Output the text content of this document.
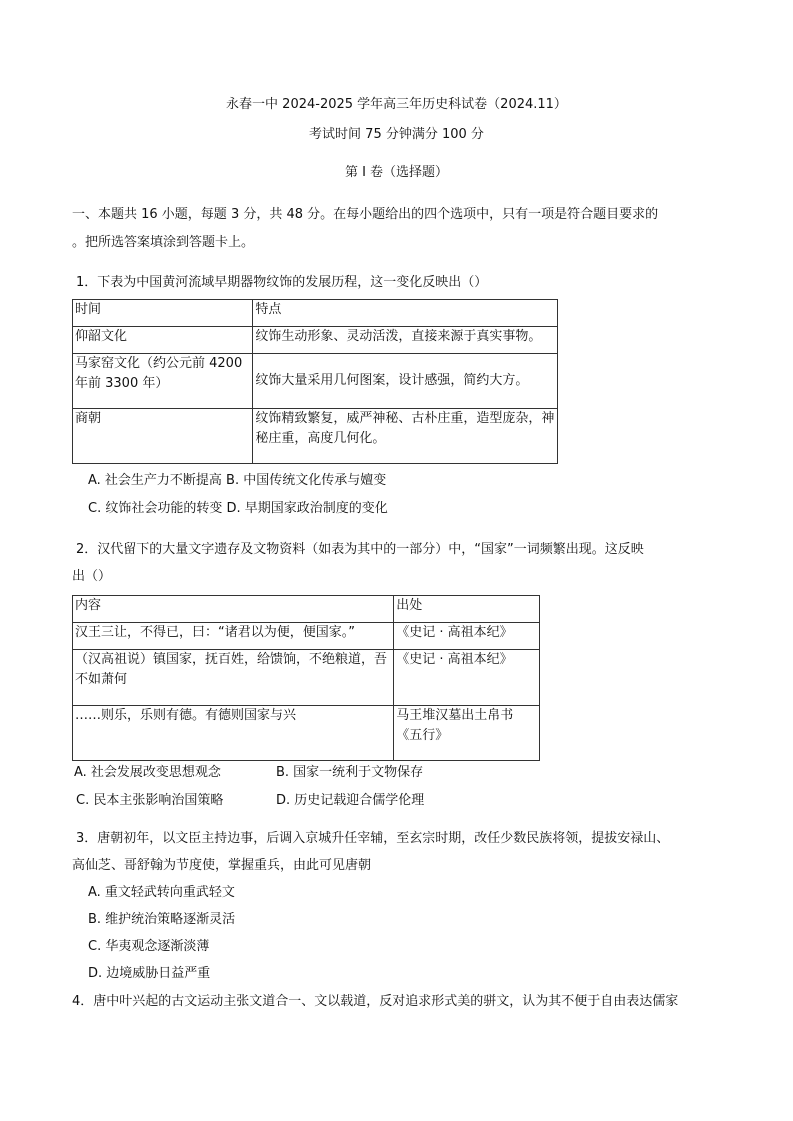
永春一中 2024-2025 学年高三年历史科试卷（2024.11）
考试时间 75 分钟满分 100 分
第 I 卷（选择题）
一、本题共 16 小题，每题 3 分，共 48 分。在每小题给出的四个选项中，只有一项是符合题目要求的
。把所选答案填涂到答题卡上。
1．下表为中国黄河流域早期器物纹饰的发展历程，这一变化反映出（）
时间	特点
仰韶文化	纹饰生动形象、灵动活泼，直接来源于真实事物。
马家窑文化（约公元前 4200 年前 3300 年）	纹饰大量采用几何图案，设计感强，简约大方。
商朝	纹饰精致繁复，威严神秘、古朴庄重，造型庞杂，神秘庄重，高度几何化。
A. 社会生产力不断提高 B. 中国传统文化传承与嬗变
C. 纹饰社会功能的转变 D. 早期国家政治制度的变化
2．汉代留下的大量文字遗存及文物资料（如表为其中的一部分）中，“国家”一词频繁出现。这反映
出（）
内容	出处
汉王三让，不得已，曰：“诸君以为便，便国家。”	《史记 · 高祖本纪》
（汉高祖说）镇国家，抚百姓，给馈饷，不绝粮道，吾不如萧何	《史记 · 高祖本纪》
……则乐，乐则有德。有德则国家与兴	马王堆汉墓出土帛书《五行》
A. 社会发展改变思想观念	B. 国家一统利于文物保存
C. 民本主张影响治国策略	D. 历史记载迎合儒学伦理
3．唐朝初年，以文臣主持边事，后调入京城升任宰辅，至玄宗时期，改任少数民族将领，提拔安禄山、
高仙芝、哥舒翰为节度使，掌握重兵，由此可见唐朝
A. 重文轻武转向重武轻文
B. 维护统治策略逐渐灵活
C. 华夷观念逐渐淡薄
D. 边境威胁日益严重
4．唐中叶兴起的古文运动主张文道合一、文以载道，反对追求形式美的骈文，认为其不便于自由表达儒家
